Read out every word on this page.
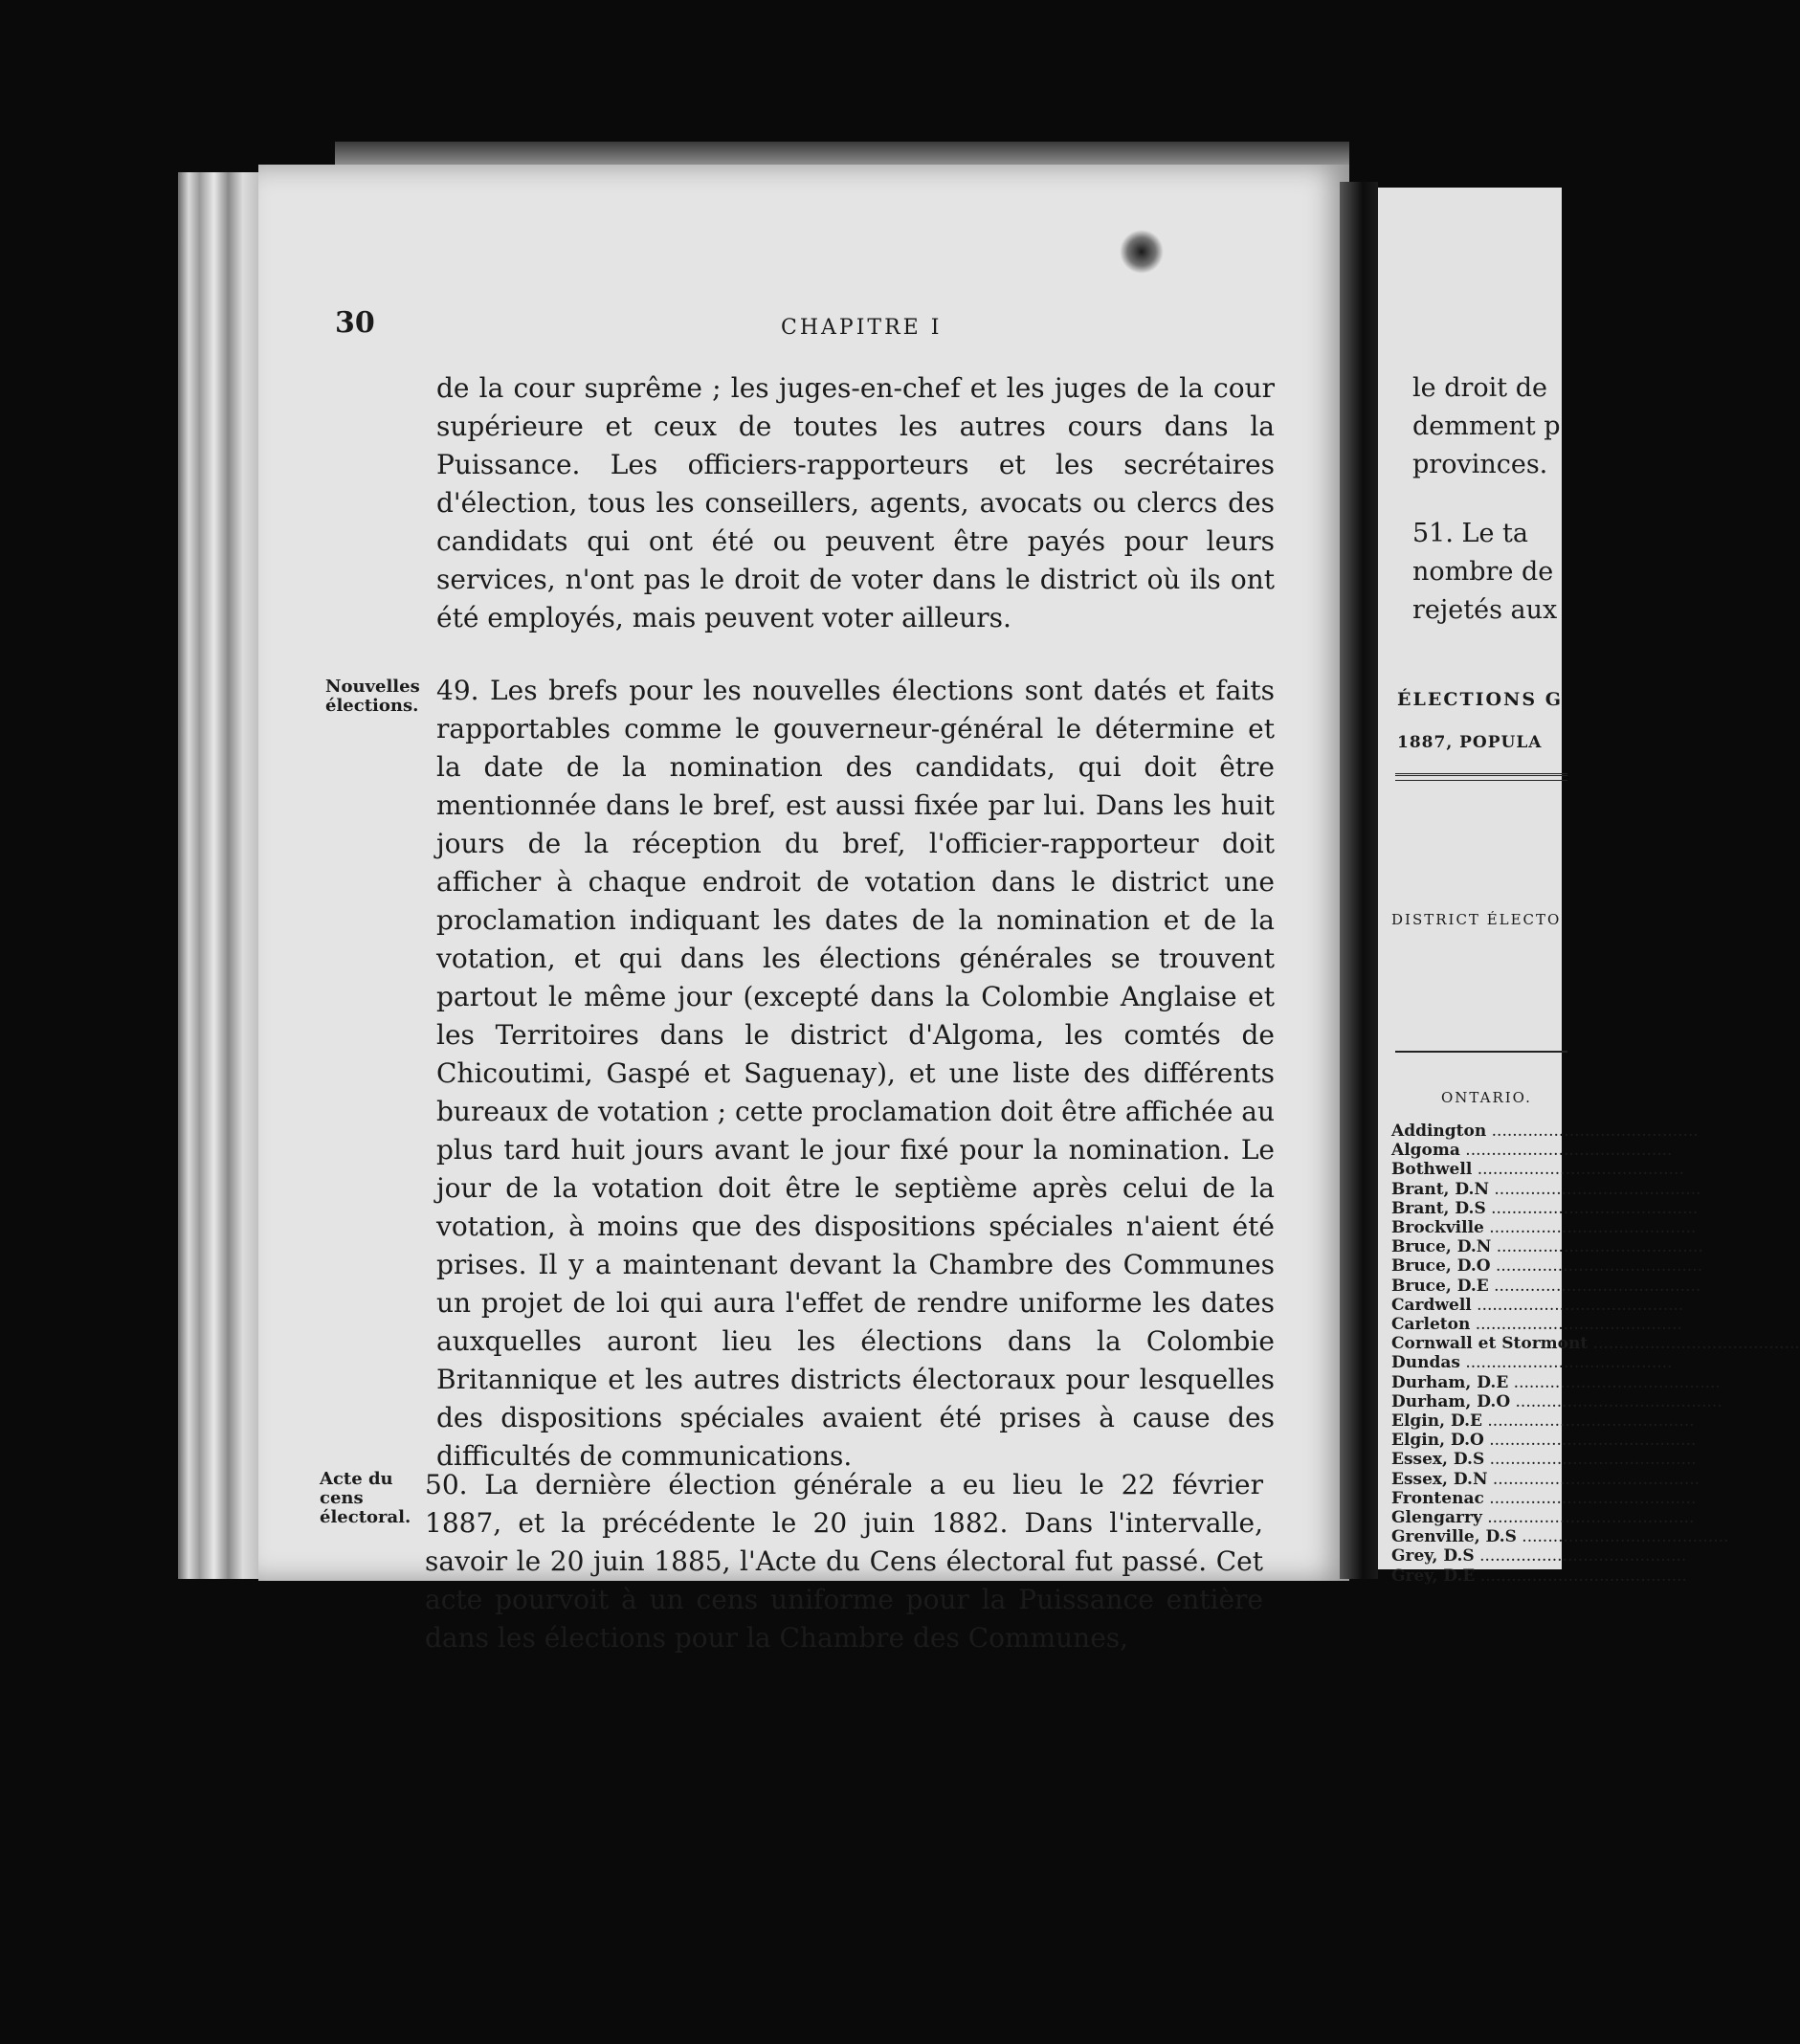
30	CHAPITRE I

de la cour suprême ; les juges-en-chef et les juges de la cour supérieure et ceux de toutes les autres cours dans la Puissance. Les officiers-rapporteurs et les secrétaires d'élection, tous les conseillers, agents, avocats ou clercs des candidats qui ont été ou peuvent être payés pour leurs services, n'ont pas le droit de voter dans le district où ils ont été employés, mais peuvent voter ailleurs.

Nouvelles élections. 49. Les brefs pour les nouvelles élections sont datés et faits rapportables comme le gouverneur-général le détermine et la date de la nomination des candidats, qui doit être mentionnée dans le bref, est aussi fixée par lui. Dans les huit jours de la réception du bref, l'officier-rapporteur doit afficher à chaque endroit de votation dans le district une proclamation indiquant les dates de la nomination et de la votation, et qui dans les élections générales se trouvent partout le même jour (excepté dans la Colombie Anglaise et les Territoires dans le district d'Algoma, les comtés de Chicoutimi, Gaspé et Saguenay), et une liste des différents bureaux de votation ; cette proclamation doit être affichée au plus tard huit jours avant le jour fixé pour la nomination. Le jour de la votation doit être le septième après celui de la votation, à moins que des dispositions spéciales n'aient été prises. Il y a maintenant devant la Chambre des Communes un projet de loi qui aura l'effet de rendre uniforme les dates auxquelles auront lieu les élections dans la Colombie Britannique et les autres districts électoraux pour lesquelles des dispositions spéciales avaient été prises à cause des difficultés de communications.

Acte du cens électoral.

50. La dernière élection générale a eu lieu le 22 février 1887, et la précédente le 20 juin 1882. Dans l'intervalle, savoir le 20 juin 1885, l'Acte du Cens électoral fut passé. Cet acte pourvoit à un cens uniforme pour la Puissance entière dans les élections pour la Chambre des Communes,

le droit de
demment p
provinces.
51. Le ta
nombre de
rejetés aux
ÉLECTIONS G
1887, POPULA
DISTRICT ÉLECTO
ONTARIO.
Addington .....
Algoma .....
Bothwell .....
Brant, D.N .....
Brant, D.S .....
Brockville .....
Bruce, D.N .....
Bruce, D.O .....
Bruce, D.E .....
Cardwell .....
Carleton .....
Cornwall et Stormont .....
Dundas .....
Durham, D.E .....
Durham, D.O .....
Elgin, D.E .....
Elgin, D.O .....
Essex, D.S .....
Essex, D.N .....
Frontenac .....
Glengarry .....
Grenville, D.S .....
Grey, D.S .....
Grey, D.E .....
